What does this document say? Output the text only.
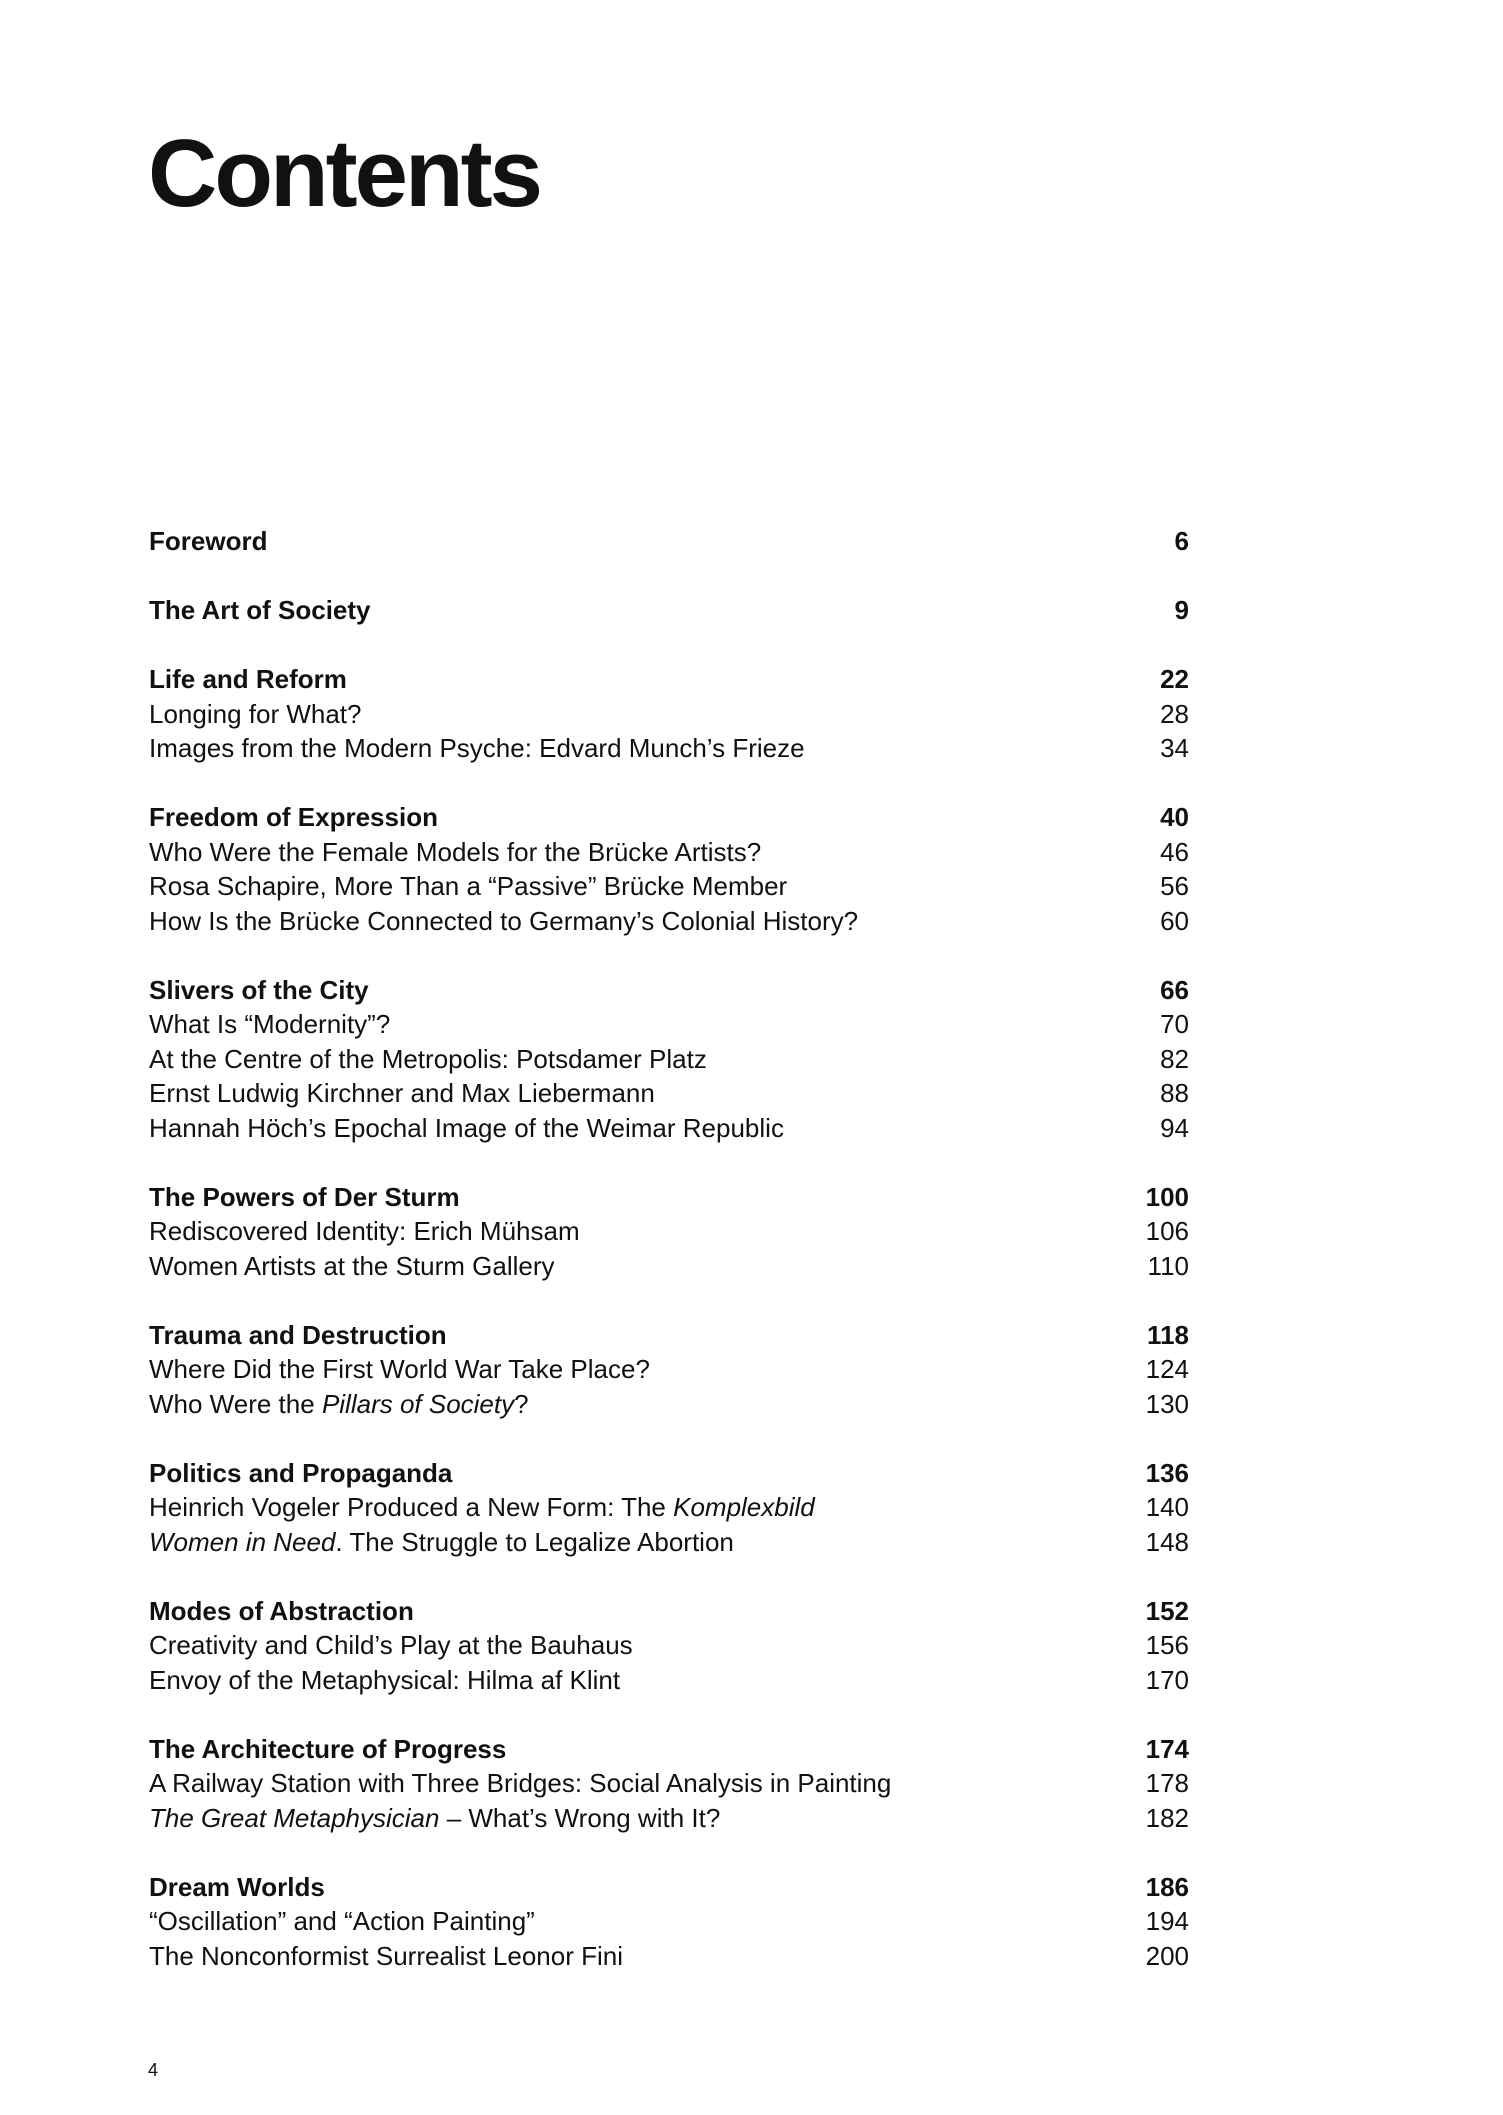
Contents
Foreword	6
The Art of Society	9
Life and Reform	22
Longing for What?	28
Images from the Modern Psyche: Edvard Munch’s Frieze	34
Freedom of Expression	40
Who Were the Female Models for the Brücke Artists?	46
Rosa Schapire, More Than a “Passive” Brücke Member	56
How Is the Brücke Connected to Germany’s Colonial History?	60
Slivers of the City	66
What Is “Modernity”?	70
At the Centre of the Metropolis: Potsdamer Platz	82
Ernst Ludwig Kirchner and Max Liebermann	88
Hannah Höch’s Epochal Image of the Weimar Republic	94
The Powers of Der Sturm	100
Rediscovered Identity: Erich Mühsam	106
Women Artists at the Sturm Gallery	110
Trauma and Destruction	118
Where Did the First World War Take Place?	124
Who Were the Pillars of Society?	130
Politics and Propaganda	136
Heinrich Vogeler Produced a New Form: The Komplexbild	140
Women in Need. The Struggle to Legalize Abortion	148
Modes of Abstraction	152
Creativity and Child’s Play at the Bauhaus	156
Envoy of the Metaphysical: Hilma af Klint	170
The Architecture of Progress	174
A Railway Station with Three Bridges: Social Analysis in Painting	178
The Great Metaphysician – What’s Wrong with It?	182
Dream Worlds	186
“Oscillation” and “Action Painting”	194
The Nonconformist Surrealist Leonor Fini	200
4
